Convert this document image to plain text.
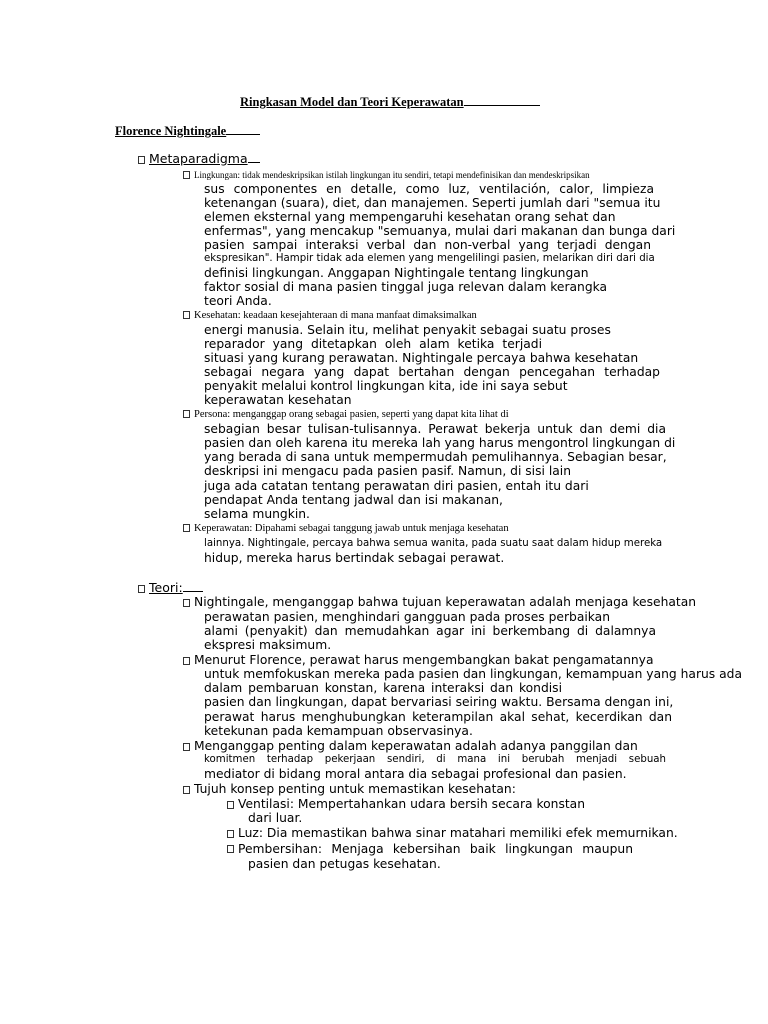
Ringkasan Model dan Teori Keperawatan
Florence Nightingale
Metaparadigma
Lingkungan: tidak mendeskripsikan istilah lingkungan itu sendiri, tetapi mendefinisikan dan mendeskripsikan
sus componentes en detalle, como luz, ventilación, calor, limpieza
ketenangan (suara), diet, dan manajemen. Seperti jumlah dari "semua itu
elemen eksternal yang mempengaruhi kesehatan orang sehat dan
enfermas", yang mencakup "semuanya, mulai dari makanan dan bunga dari
pasien sampai interaksi verbal dan non-verbal yang terjadi dengan
ekspresikan". Hampir tidak ada elemen yang mengelilingi pasien, melarikan diri dari dia
definisi lingkungan. Anggapan Nightingale tentang lingkungan
faktor sosial di mana pasien tinggal juga relevan dalam kerangka
teori Anda.
Kesehatan: keadaan kesejahteraan di mana manfaat dimaksimalkan
energi manusia. Selain itu, melihat penyakit sebagai suatu proses
reparador yang ditetapkan oleh alam ketika terjadi
situasi yang kurang perawatan. Nightingale percaya bahwa kesehatan
sebagai negara yang dapat bertahan dengan pencegahan terhadap
penyakit melalui kontrol lingkungan kita, ide ini saya sebut
keperawatan kesehatan
Persona: menganggap orang sebagai pasien, seperti yang dapat kita lihat di
sebagian besar tulisan-tulisannya. Perawat bekerja untuk dan demi dia
pasien dan oleh karena itu mereka lah yang harus mengontrol lingkungan di
yang berada di sana untuk mempermudah pemulihannya. Sebagian besar,
deskripsi ini mengacu pada pasien pasif. Namun, di sisi lain
juga ada catatan tentang perawatan diri pasien, entah itu dari
pendapat Anda tentang jadwal dan isi makanan,
selama mungkin.
Keperawatan: Dipahami sebagai tanggung jawab untuk menjaga kesehatan
lainnya. Nightingale, percaya bahwa semua wanita, pada suatu saat dalam hidup mereka
hidup, mereka harus bertindak sebagai perawat.
Teori:
Nightingale, menganggap bahwa tujuan keperawatan adalah menjaga kesehatan
perawatan pasien, menghindari gangguan pada proses perbaikan
alami (penyakit) dan memudahkan agar ini berkembang di dalamnya
ekspresi maksimum.
Menurut Florence, perawat harus mengembangkan bakat pengamatannya
untuk memfokuskan mereka pada pasien dan lingkungan, kemampuan yang harus ada
dalam pembaruan konstan, karena interaksi dan kondisi
pasien dan lingkungan, dapat bervariasi seiring waktu. Bersama dengan ini,
perawat harus menghubungkan keterampilan akal sehat, kecerdikan dan
ketekunan pada kemampuan observasinya.
Menganggap penting dalam keperawatan adalah adanya panggilan dan
komitmen terhadap pekerjaan sendiri, di mana ini berubah menjadi sebuah
mediator di bidang moral antara dia sebagai profesional dan pasien.
Tujuh konsep penting untuk memastikan kesehatan:
Ventilasi: Mempertahankan udara bersih secara konstan
dari luar.
Luz: Dia memastikan bahwa sinar matahari memiliki efek memurnikan.
Pembersihan: Menjaga kebersihan baik lingkungan maupun
pasien dan petugas kesehatan.
